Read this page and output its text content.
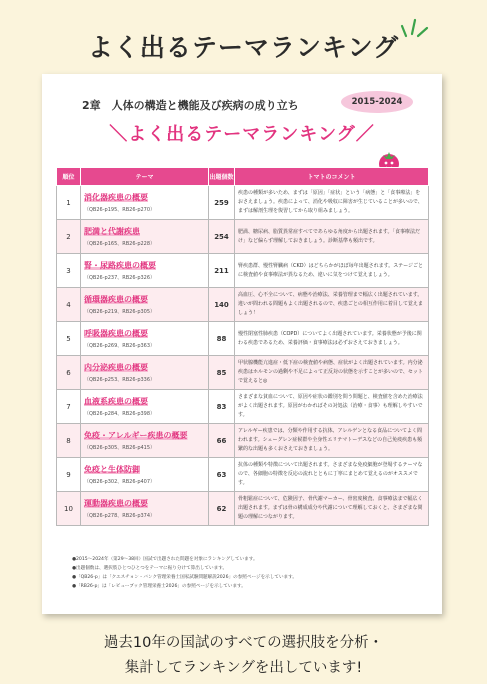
よく出るテーマランキング
2章　人体の構造と機能及び疾病の成り立ち	2015-2024
＼よく出るテーマランキング／
順位	テーマ	出題個数	トマトのコメント
1	消化器疾患の概要
（QB26-p195、RB26-p270）	259	疾患の種類が多いため、まずは「原因」「症状」という「病態」と「食事療法」をおさえましょう。疾患によって、消化や吸収に障害が生じていることが多いので、まずは解剖生理を復習してから取り組みましょう。
2	肥満と代謝疾患
（QB26-p165、RB26-p228）	254	肥満、糖尿病、脂質異常症すべてであらゆる角度から出題されます。「食事療法だけ」など偏らず理解しておきましょう。診断基準も頻出です。
3	腎・尿路疾患の概要
（QB26-p237、RB26-p326）	211	腎疾患群、慢性腎臓病（CKD）はどちらかがほぼ毎年出題されます。ステージごとに検査値や食事療法が異なるため、違いに気をつけて覚えましょう。
4	循環器疾患の概要
（QB26-p219、RB26-p305）	140	高血圧、心不全について、病態や治療法、栄養管理まで幅広く出題されています。違いが問われる問題もよく出題されるので、疾患ごとの相互作用に着目して覚えましょう！
5	呼吸器疾患の概要
（QB26-p269、RB26-p363）	88	慢性閉塞性肺疾患（COPD）についてよく出題されています。栄養状態が予後に関わる疾患であるため、栄養評価・食事療法は必ずおさえておきましょう。
6	内分泌疾患の概要
（QB26-p253、RB26-p336）	85	甲状腺機能亢進症・低下症の検査値や病態、症状がよく出題されています。内分泌疾患はホルモンの過剰や不足によって正反対の状態を示すことが多いので、セットで覚えると◎
7	血液系疾患の概要
（QB26-p284、RB26-p398）	83	さまざまな貧血について、原因や症状の鑑別を問う問題と、検査値を含めた治療法がよく出題されます。原因がわかればその対処法（治療・食事）も理解しやすいです。
8	免疫・アレルギー疾患の概要
（QB26-p305、RB26-p415）	66	アレルギー疾患では、分類や作用する抗体、アレルゲンとなる食品についてよく問われます。シェーグレン症候群や全身性エリテマトーデスなどの自己免疫疾患も頻繁的な出題も多くおさえておきましょう。
9	免疫と生体防御
（QB26-p302、RB26-p407）	63	抗体の種類や特徴について出題されます。さまざまな免疫細胞が登場するテーマなので、各細胞の特徴を反応の流れとともに丁寧にまとめて覚えるのがオススメです。
10	運動器疾患の概要
（QB26-p278、RB26-p374）	62	骨粗鬆症について、危険因子、骨代謝マーカー、骨密度検査、食事療法まで幅広く出題されます。まずは骨の構成成分や代謝について理解しておくと、さまざまな問題の理解につながります。
●2015～2024年（第29～38回）国試で出題された問題を対象にランキングしています。
●出題個数は、選択肢ひとつひとつをテーマに振り分けて算出しています。
●「QB26-p」は「クエスチョン・バンク管理栄養士国家試験問題解説2026」の参照ページを示しています。
●「RB26-p」は「レビューブック管理栄養士2026」の参照ページを示しています。
過去10年の国試のすべての選択肢を分析・
集計してランキングを出しています!
